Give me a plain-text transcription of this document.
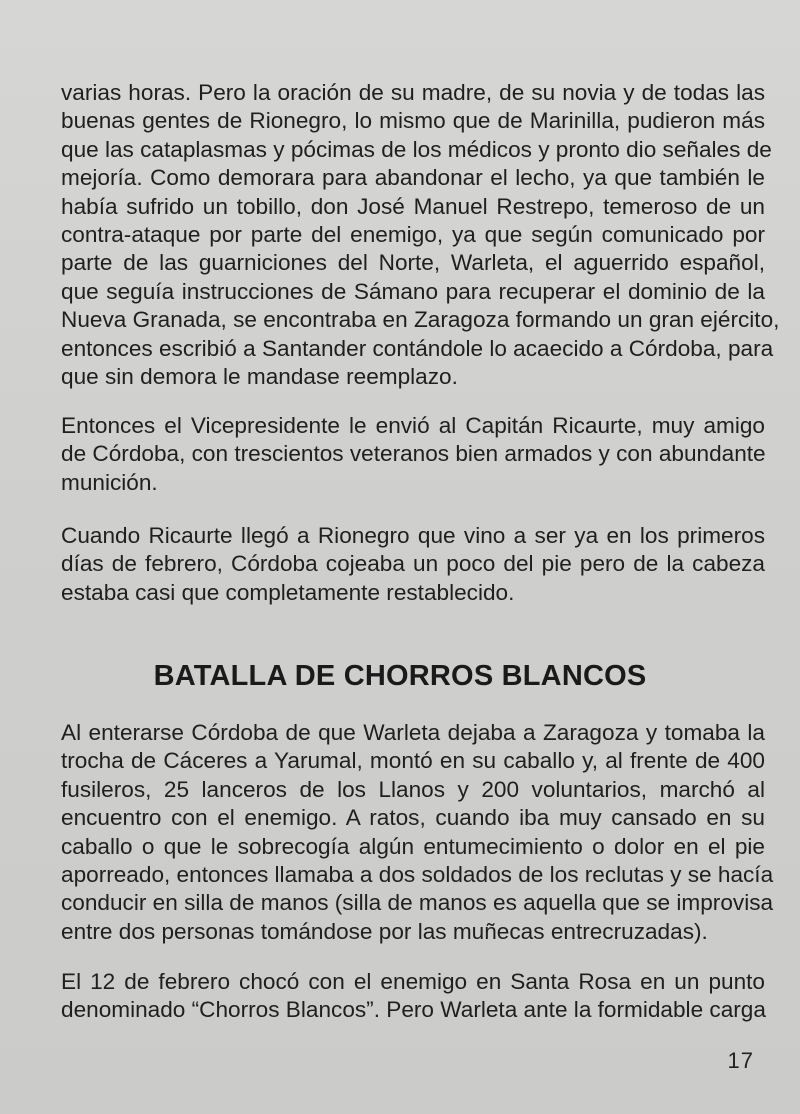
varias horas. Pero la oración de su madre, de su novia y de todas las
buenas gentes de Rionegro, lo mismo que de Marinilla, pudieron más
que las cataplasmas y pócimas de los médicos y pronto dio señales de
mejoría. Como demorara para abandonar el lecho, ya que también le
había sufrido un tobillo, don José Manuel Restrepo, temeroso de un
contra-ataque por parte del enemigo, ya que según comunicado por
parte de las guarniciones del Norte, Warleta, el aguerrido español,
que seguía instrucciones de Sámano para recuperar el dominio de la
Nueva Granada, se encontraba en Zaragoza formando un gran ejército,
entonces escribió a Santander contándole lo acaecido a Córdoba, para
que sin demora le mandase reemplazo.
Entonces el Vicepresidente le envió al Capitán Ricaurte, muy amigo
de Córdoba, con trescientos veteranos bien armados y con abundante
munición.
Cuando Ricaurte llegó a Rionegro que vino a ser ya en los primeros
días de febrero, Córdoba cojeaba un poco del pie pero de la cabeza
estaba casi que completamente restablecido.
BATALLA DE CHORROS BLANCOS
Al enterarse Córdoba de que Warleta dejaba a Zaragoza y tomaba la
trocha de Cáceres a Yarumal, montó en su caballo y, al frente de 400
fusileros, 25 lanceros de los Llanos y 200 voluntarios, marchó al
encuentro con el enemigo. A ratos, cuando iba muy cansado en su
caballo o que le sobrecogía algún entumecimiento o dolor en el pie
aporreado, entonces llamaba a dos soldados de los reclutas y se hacía
conducir en silla de manos (silla de manos es aquella que se improvisa
entre dos personas tomándose por las muñecas entrecruzadas).
El 12 de febrero chocó con el enemigo en Santa Rosa en un punto
denominado “Chorros Blancos”. Pero Warleta ante la formidable carga
17
